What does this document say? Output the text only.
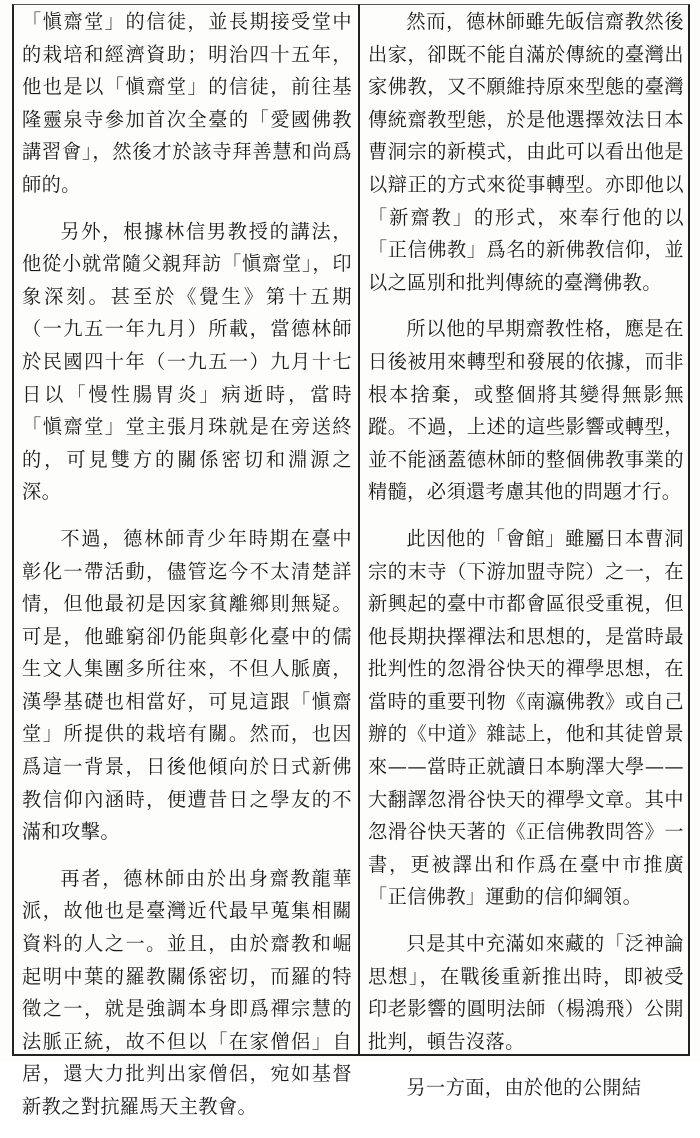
「愼齋堂」的信徒，並長期接受堂中的栽培和經濟資助；明治四十五年，他也是以「愼齋堂」的信徒，前往基隆靈泉寺參加首次全臺的「愛國佛教講習會」，然後才於該寺拜善慧和尚爲師的。

另外，根據林信男教授的講法，他從小就常隨父親拜訪「愼齋堂」，印象深刻。甚至於《覺生》第十五期（一九五一年九月）所載，當德林師於民國四十年（一九五一）九月十七日以「慢性腸胃炎」病逝時，當時「愼齋堂」堂主張月珠就是在旁送終的，可見雙方的關係密切和淵源之深。

不過，德林師青少年時期在臺中彰化一帶活動，儘管迄今不太清楚詳情，但他最初是因家貧離鄉則無疑。可是，他雖窮卻仍能與彰化臺中的儒生文人集團多所往來，不但人脈廣，漢學基礎也相當好，可見這跟「愼齋堂」所提供的栽培有關。然而，也因爲這一背景，日後他傾向於日式新佛教信仰內涵時，便遭昔日之學友的不滿和攻擊。

再者，德林師由於出身齋教龍華派，故他也是臺灣近代最早蒐集相關資料的人之一。並且，由於齋教和崛起明中葉的羅教關係密切，而羅的特徵之一，就是強調本身即爲禪宗慧的法脈正統，故不但以「在家僧侶」自居，還大力批判出家僧侶，宛如基督新教之對抗羅馬天主教會。

然而，德林師雖先皈信齋教然後出家，卻既不能自滿於傳統的臺灣出家佛教，又不願維持原來型態的臺灣傳統齋教型態，於是他選擇效法日本曹洞宗的新模式，由此可以看出他是以辯正的方式來從事轉型。亦即他以「新齋教」的形式，來奉行他的以「正信佛教」爲名的新佛教信仰，並以之區別和批判傳統的臺灣佛教。

所以他的早期齋教性格，應是在日後被用來轉型和發展的依據，而非根本捨棄，或整個將其變得無影無蹤。不過，上述的這些影響或轉型，並不能涵蓋德林師的整個佛教事業的精髓，必須還考慮其他的問題才行。

此因他的「會館」雖屬日本曹洞宗的末寺（下游加盟寺院）之一，在新興起的臺中市都會區很受重視，但他長期抉擇禪法和思想的，是當時最批判性的忽滑谷快天的禪學思想，在當時的重要刊物《南瀛佛教》或自己辦的《中道》雜誌上，他和其徒曾景來——當時正就讀日本駒澤大學——大翻譯忽滑谷快天的禪學文章。其中忽滑谷快天著的《正信佛教問答》一書，更被譯出和作爲在臺中市推廣「正信佛教」運動的信仰綱領。

只是其中充滿如來藏的「泛神論思想」，在戰後重新推出時，即被受印老影響的圓明法師（楊鴻飛）公開批判，頓告沒落。

另一方面，由於他的公開結
